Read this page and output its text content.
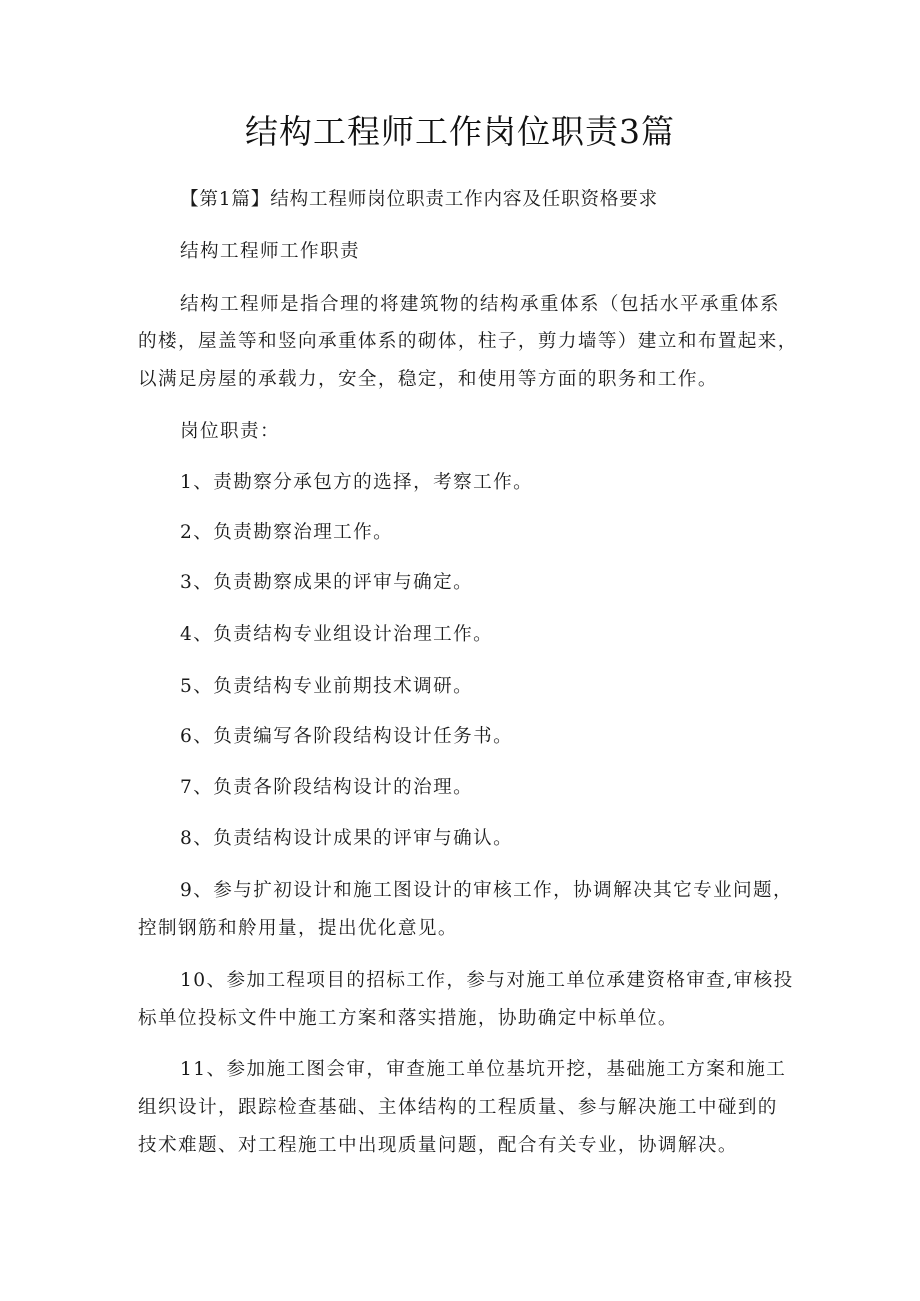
结构工程师工作岗位职责3篇
【第1篇】结构工程师岗位职责工作内容及任职资格要求
结构工程师工作职责
结构工程师是指合理的将建筑物的结构承重体系（包括水平承重体系
的楼，屋盖等和竖向承重体系的砌体，柱子，剪力墙等）建立和布置起来，
以满足房屋的承载力，安全，稳定，和使用等方面的职务和工作。
岗位职责：
1、责勘察分承包方的选择，考察工作。
2、负责勘察治理工作。
3、负责勘察成果的评审与确定。
4、负责结构专业组设计治理工作。
5、负责结构专业前期技术调研。
6、负责编写各阶段结构设计任务书。
7、负责各阶段结构设计的治理。
8、负责结构设计成果的评审与确认。
9、参与扩初设计和施工图设计的审核工作，协调解决其它专业问题，
控制钢筋和舲用量，提出优化意见。
10、参加工程项目的招标工作，参与对施工单位承建资格审查,审核投
标单位投标文件中施工方案和落实措施，协助确定中标单位。
11、参加施工图会审，审查施工单位基坑开挖，基础施工方案和施工
组织设计，跟踪检查基础、主体结构的工程质量、参与解决施工中碰到的
技术难题、对工程施工中出现质量问题，配合有关专业，协调解决。
